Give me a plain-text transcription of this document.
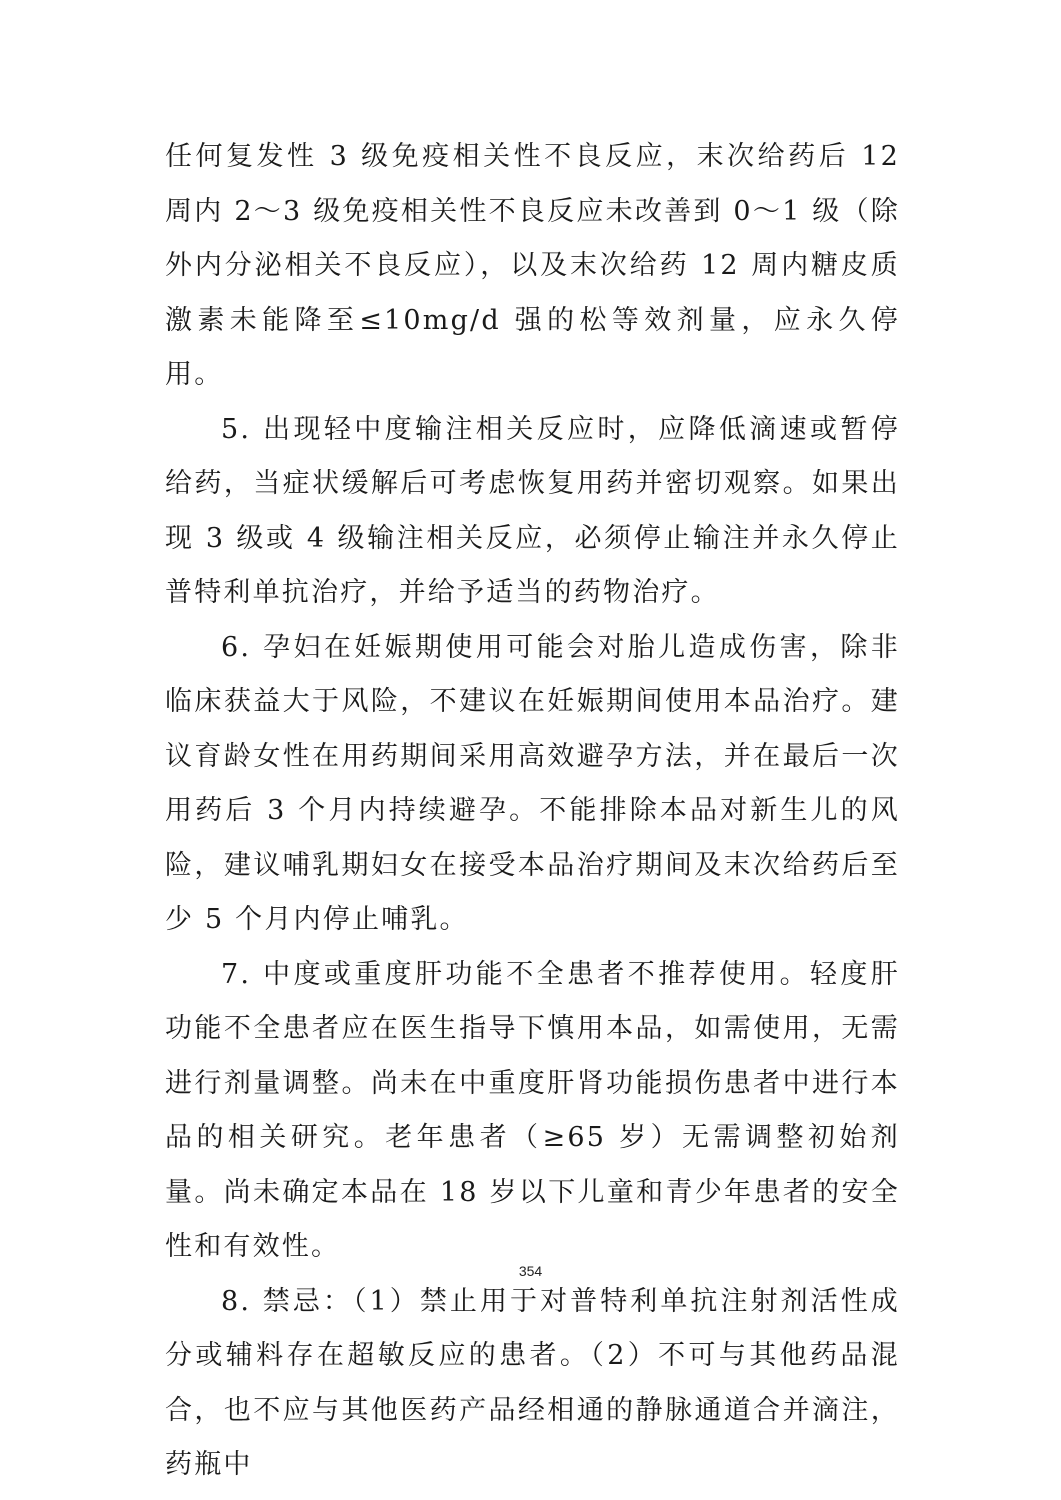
任何复发性 3 级免疫相关性不良反应，末次给药后 12 周内 2～3 级免疫相关性不良反应未改善到 0～1 级（除外内分泌相关不良反应），以及末次给药 12 周内糖皮质激素未能降至≤10mg/d 强的松等效剂量，应永久停用。

5. 出现轻中度输注相关反应时，应降低滴速或暂停给药，当症状缓解后可考虑恢复用药并密切观察。如果出现 3 级或 4 级输注相关反应，必须停止输注并永久停止普特利单抗治疗，并给予适当的药物治疗。

6. 孕妇在妊娠期使用可能会对胎儿造成伤害，除非临床获益大于风险，不建议在妊娠期间使用本品治疗。建议育龄女性在用药期间采用高效避孕方法，并在最后一次用药后 3 个月内持续避孕。不能排除本品对新生儿的风险，建议哺乳期妇女在接受本品治疗期间及末次给药后至少 5 个月内停止哺乳。

7. 中度或重度肝功能不全患者不推荐使用。轻度肝功能不全患者应在医生指导下慎用本品，如需使用，无需进行剂量调整。尚未在中重度肝肾功能损伤患者中进行本品的相关研究。老年患者（≥65 岁）无需调整初始剂量。尚未确定本品在 18 岁以下儿童和青少年患者的安全性和有效性。

8. 禁忌：（1）禁止用于对普特利单抗注射剂活性成分或辅料存在超敏反应的患者。（2）不可与其他药品混合，也不应与其他医药产品经相通的静脉通道合并滴注，药瓶中

354
